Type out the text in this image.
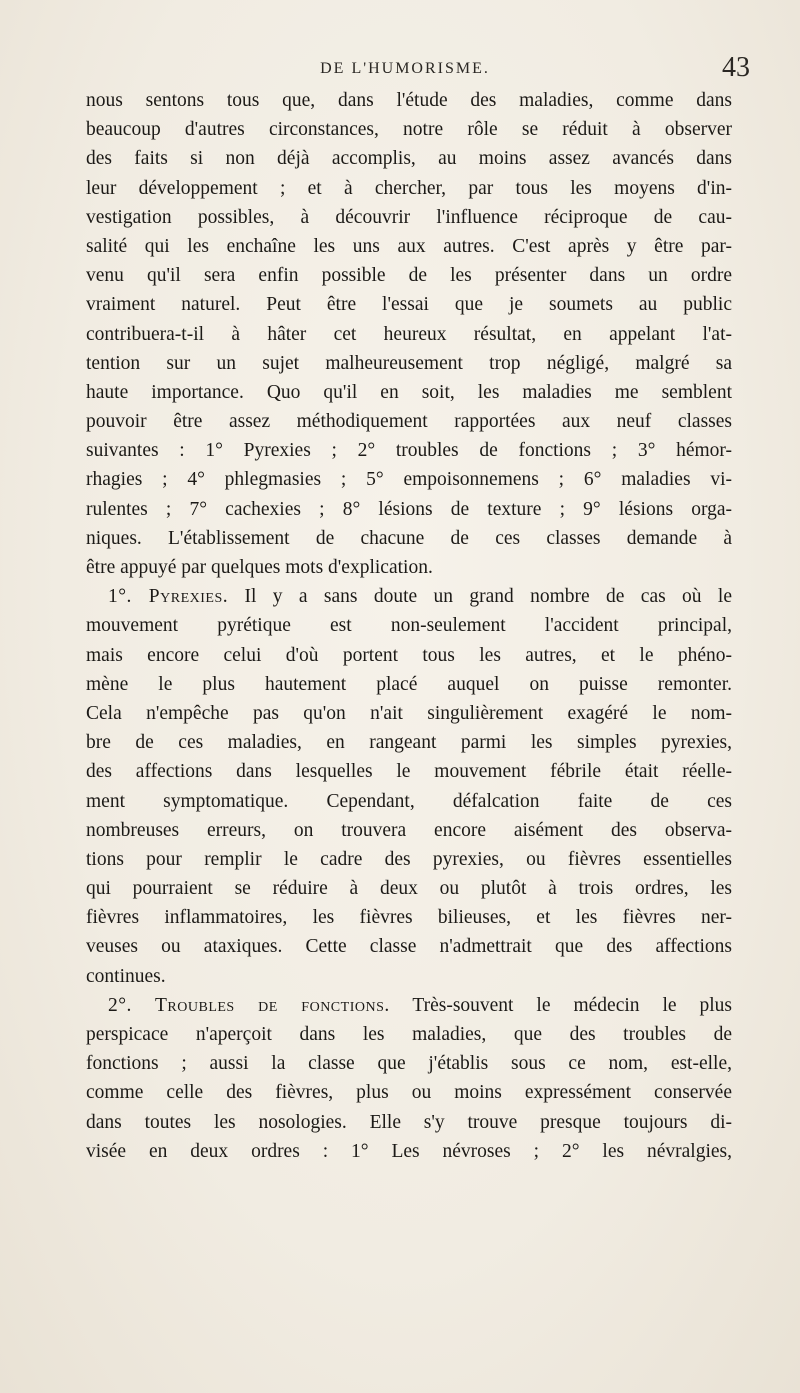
DE L'HUMORISME.	43
nous sentons tous que, dans l'étude des maladies, comme dans
beaucoup d'autres circonstances, notre rôle se réduit à observer
des faits si non déjà accomplis, au moins assez avancés dans
leur développement ; et à chercher, par tous les moyens d'in-
vestigation possibles, à découvrir l'influence réciproque de cau-
salité qui les enchaîne les uns aux autres. C'est après y être par-
venu qu'il sera enfin possible de les présenter dans un ordre
vraiment naturel. Peut être l'essai que je soumets au public
contribuera-t-il à hâter cet heureux résultat, en appelant l'at-
tention sur un sujet malheureusement trop négligé, malgré sa
haute importance. Quo qu'il en soit, les maladies me semblent
pouvoir être assez méthodiquement rapportées aux neuf classes
suivantes : 1° Pyrexies ; 2° troubles de fonctions ; 3° hémor-
rhagies ; 4° phlegmasies ; 5° empoisonnemens ; 6° maladies vi-
rulentes ; 7° cachexies ; 8° lésions de texture ; 9° lésions orga-
niques. L'établissement de chacune de ces classes demande à
être appuyé par quelques mots d'explication.
1°. Pyrexies. Il y a sans doute un grand nombre de cas où le
mouvement pyrétique est non-seulement l'accident principal,
mais encore celui d'où portent tous les autres, et le phéno-
mène le plus hautement placé auquel on puisse remonter.
Cela n'empêche pas qu'on n'ait singulièrement exagéré le nom-
bre de ces maladies, en rangeant parmi les simples pyrexies,
des affections dans lesquelles le mouvement fébrile était réelle-
ment symptomatique. Cependant, défalcation faite de ces
nombreuses erreurs, on trouvera encore aisément des observa-
tions pour remplir le cadre des pyrexies, ou fièvres essentielles
qui pourraient se réduire à deux ou plutôt à trois ordres, les
fièvres inflammatoires, les fièvres bilieuses, et les fièvres ner-
veuses ou ataxiques. Cette classe n'admettrait que des affections
continues.
2°. Troubles de fonctions. Très-souvent le médecin le plus
perspicace n'aperçoit dans les maladies, que des troubles de
fonctions ; aussi la classe que j'établis sous ce nom, est-elle,
comme celle des fièvres, plus ou moins expressément conservée
dans toutes les nosologies. Elle s'y trouve presque toujours di-
visée en deux ordres : 1° Les névroses ; 2° les névralgies,
